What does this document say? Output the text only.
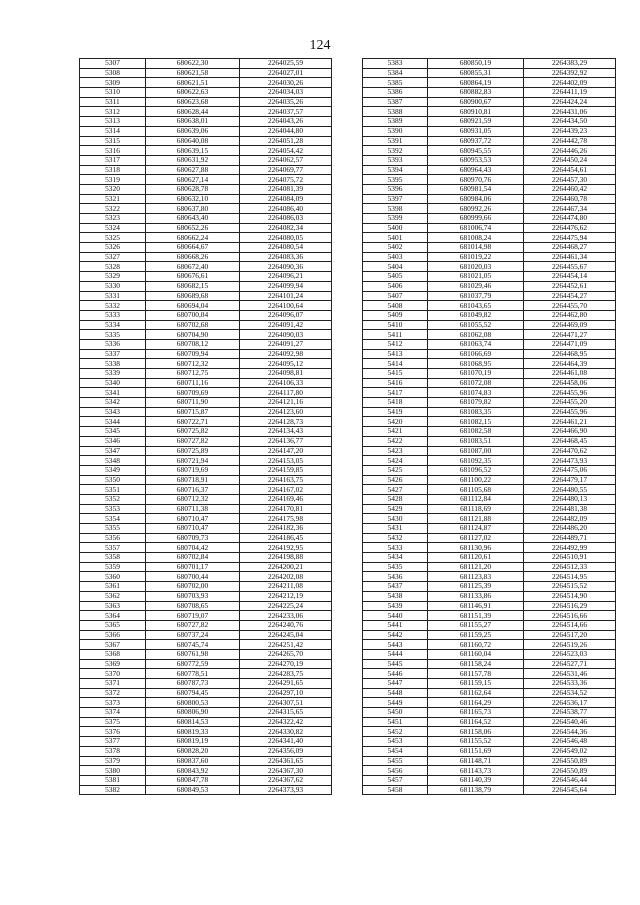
124
5307	680622,30	2264025,59
5308	680621,58	2264027,01
5309	680621,51	2264030,26
5310	680622,63	2264034,03
5311	680623,68	2264035,26
5312	680628,44	2264037,57
5313	680638,01	2264043,26
5314	680639,06	2264044,80
5315	680640,08	2264051,28
5316	680639,15	2264054,42
5317	680631,92	2264062,57
5318	680627,88	2264069,77
5319	680627,14	2264075,72
5320	680628,78	2264081,39
5321	680632,10	2264084,09
5322	680637,80	2264086,40
5323	680643,40	2264086,03
5324	680652,26	2264082,34
5325	680662,24	2264080,05
5326	680664,67	2264080,54
5327	680668,26	2264083,36
5328	680672,40	2264090,36
5329	680676,61	2264096,21
5330	680682,15	2264099,94
5331	680689,68	2264101,24
5332	680694,04	2264100,64
5333	680700,04	2264096,07
5334	680702,68	2264091,42
5335	680704,90	2264090,03
5336	680708,12	2264091,27
5337	680709,94	2264092,98
5338	680712,32	2264095,12
5339	680712,75	2264098,81
5340	680711,16	2264106,33
5341	680709,69	2264117,80
5342	680711,90	2264121,16
5343	680715,87	2264123,60
5344	680722,71	2264128,73
5345	680725,82	2264134,43
5346	680727,82	2264136,77
5347	680725,89	2264147,20
5348	680721,94	2264153,05
5349	680719,69	2264159,85
5350	680718,91	2264163,75
5351	680716,37	2264167,02
5352	680712,32	2264169,46
5353	680711,38	2264170,81
5354	680710,47	2264175,98
5355	680710,47	2264182,36
5356	680709,73	2264186,45
5357	680704,42	2264192,95
5358	680702,84	2264198,88
5359	680701,17	2264200,21
5360	680700,44	2264202,08
5361	680702,00	2264211,08
5362	680703,93	2264212,19
5363	680708,65	2264225,24
5364	680719,07	2264233,06
5365	680727,82	2264240,76
5366	680737,24	2264245,04
5367	680745,74	2264251,42
5368	680761,98	2264265,70
5369	680772,59	2264270,19
5370	680778,51	2264283,75
5371	680787,73	2264291,65
5372	680794,45	2264297,10
5373	680800,53	2264307,51
5374	680806,90	2264315,65
5375	680814,53	2264322,42
5376	680819,33	2264330,82
5377	680819,19	2264341,40
5378	680828,20	2264356,09
5379	680837,60	2264361,65
5380	680843,92	2264367,30
5381	680847,78	2264367,62
5382	680849,53	2264373,93
5383	680850,19	2264383,29
5384	680855,31	2264392,92
5385	680864,19	2264402,09
5386	680882,83	2264411,19
5387	680900,67	2264424,24
5388	680910,81	2264431,06
5389	680921,59	2264434,50
5390	680931,05	2264439,23
5391	680937,72	2264442,78
5392	680945,55	2264446,26
5393	680953,53	2264450,24
5394	680964,43	2264454,61
5395	680970,76	2264457,30
5396	680981,54	2264460,42
5397	680984,06	2264460,78
5398	680992,26	2264467,34
5399	680999,66	2264474,80
5400	681006,74	2264476,62
5401	681008,24	2264475,94
5402	681014,98	2264468,27
5403	681019,22	2264461,34
5404	681020,03	2264455,67
5405	681021,05	2264454,14
5406	681029,46	2264452,61
5407	681037,79	2264454,27
5408	681043,65	2264455,70
5409	681049,82	2264462,80
5410	681055,52	2264469,09
5411	681062,08	2264471,27
5412	681063,74	2264471,09
5413	681066,69	2264468,95
5414	681068,95	2264464,39
5415	681070,19	2264461,08
5416	681072,08	2264458,06
5417	681074,83	2264455,96
5418	681079,82	2264455,20
5419	681083,35	2264455,96
5420	681082,15	2264461,21
5421	681082,58	2264466,90
5422	681083,51	2264468,45
5423	681087,00	2264470,62
5424	681092,35	2264473,93
5425	681096,52	2264475,06
5426	681100,22	2264479,17
5427	681105,68	2264480,55
5428	681112,84	2264480,13
5429	681118,69	2264481,38
5430	681121,88	2264482,09
5431	681124,87	2264486,20
5432	681127,02	2264489,71
5433	681130,96	2264492,99
5434	681120,61	2264510,91
5435	681121,20	2264512,33
5436	681123,83	2264514,95
5437	681125,39	2264515,52
5438	681133,86	2264514,90
5439	681146,91	2264516,29
5440	681151,39	2264516,66
5441	681155,27	2264514,66
5442	681159,25	2264517,20
5443	681160,72	2264519,26
5444	681160,04	2264523,03
5445	681158,24	2264527,71
5446	681157,78	2264531,46
5447	681159,15	2264533,36
5448	681162,64	2264534,52
5449	681164,29	2264536,17
5450	681165,73	2264538,77
5451	681164,52	2264540,46
5452	681158,06	2264544,36
5453	681155,52	2264546,48
5454	681151,69	2264549,02
5455	681148,71	2264550,89
5456	681143,73	2264550,89
5457	681140,39	2264546,44
5458	681138,79	2264545,64
